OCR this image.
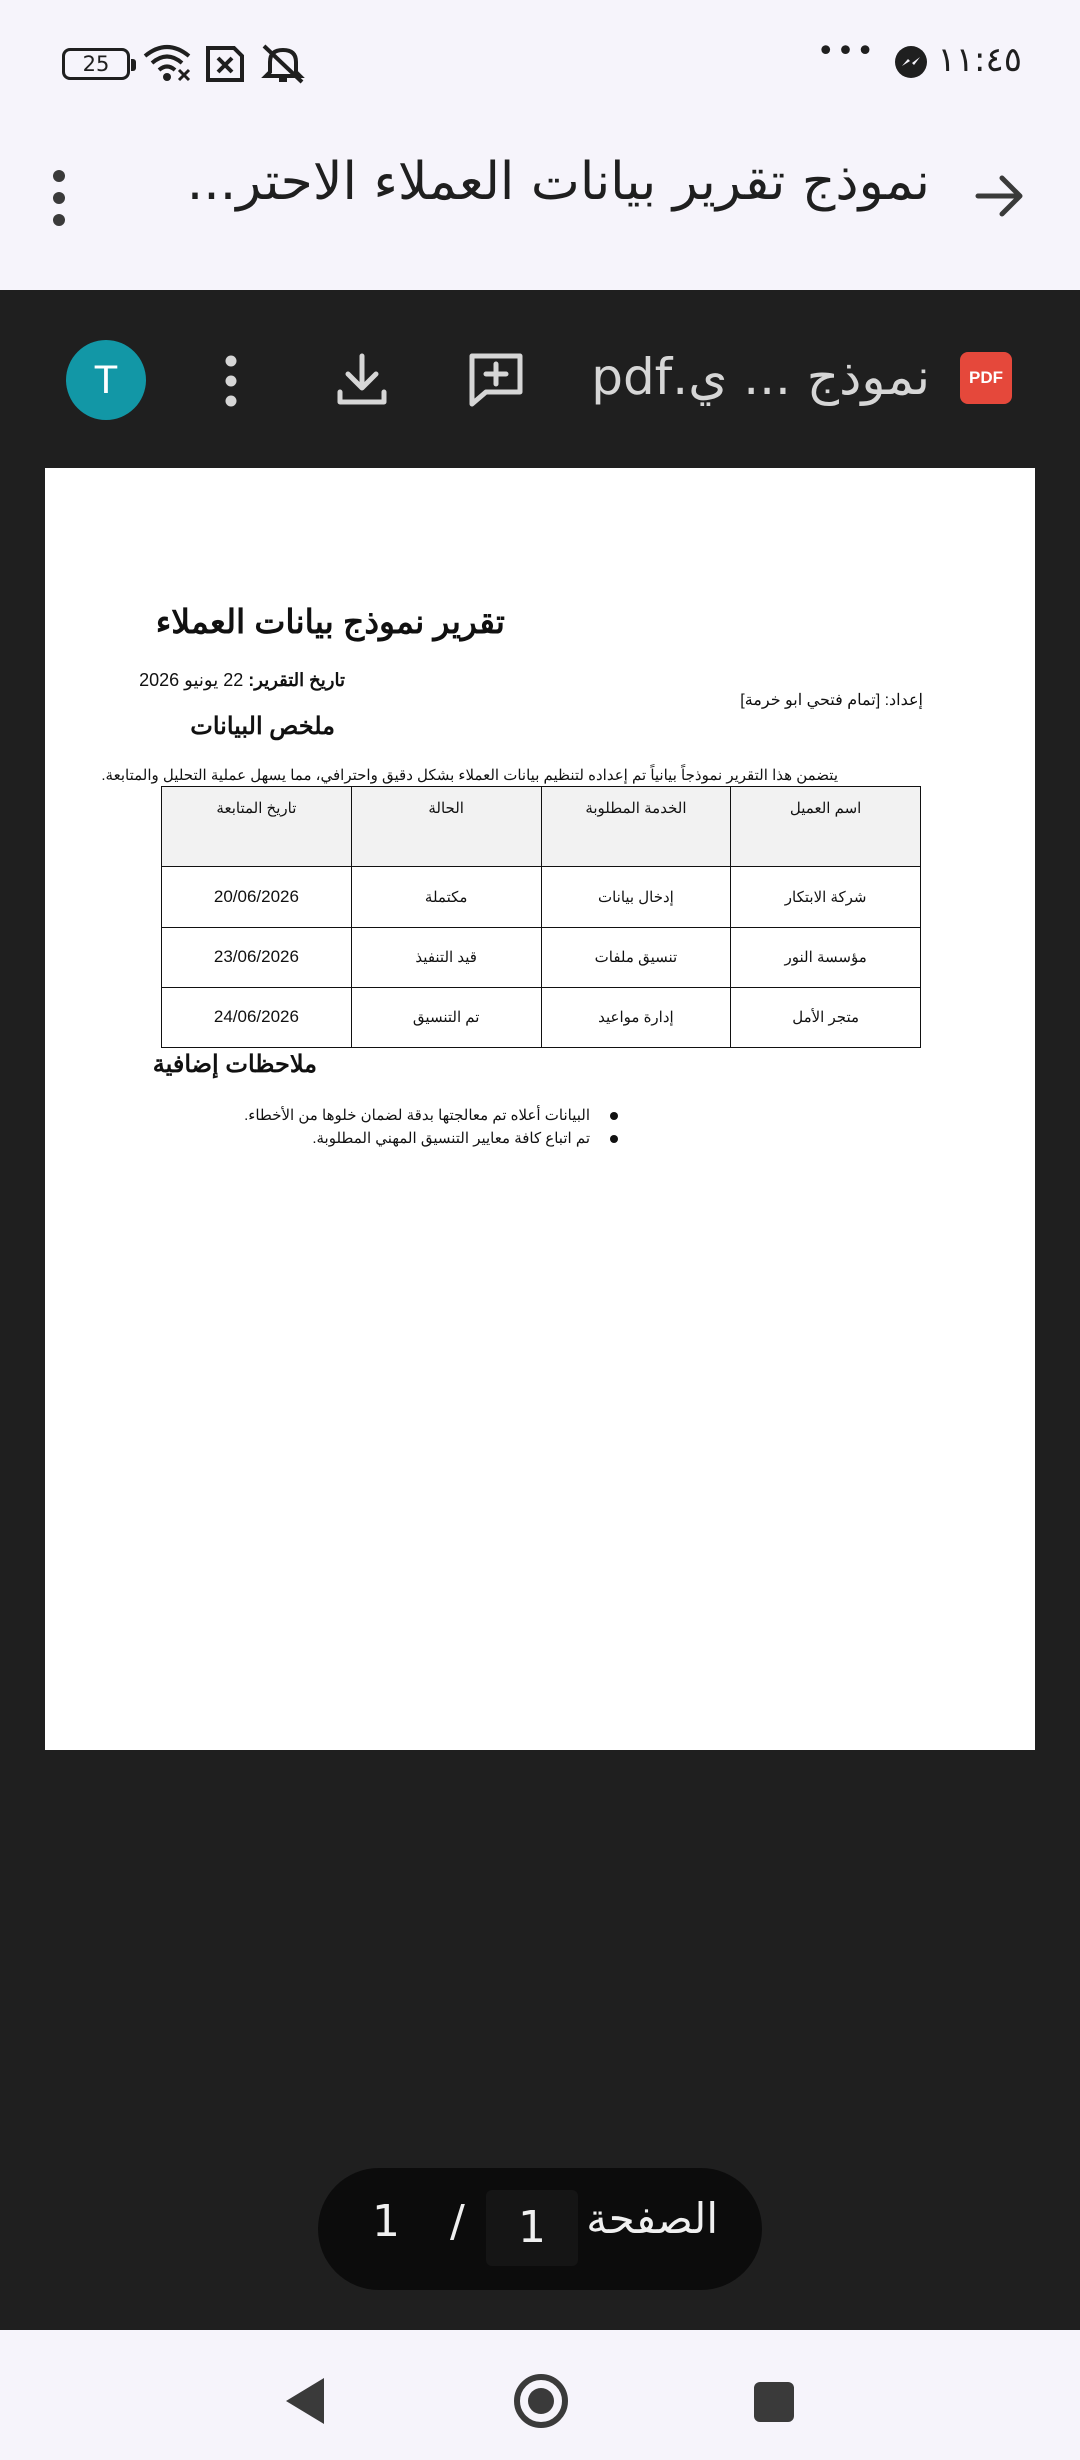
١١:٤٥
•••
25
نموذج تقرير بيانات العملاء الاحتر...
PDF
نموذج ... ي.pdf
T
تقرير نموذج بيانات العملاء
تاريخ التقرير: 22 يونيو 2026
إعداد: [تمام فتحي ابو خرمة]
ملخص البيانات
يتضمن هذا التقرير نموذجاً بيانياً تم إعداده لتنظيم بيانات العملاء بشكل دقيق واحترافي، مما يسهل عملية التحليل والمتابعة.
اسم العميل	الخدمة المطلوبة	الحالة	تاريخ المتابعة
شركة الابتكار	إدخال بيانات	مكتملة	20/06/2026
مؤسسة النور	تنسيق ملفات	قيد التنفيذ	23/06/2026
متجر الأمل	إدارة مواعيد	تم التنسيق	24/06/2026
ملاحظات إضافية
البيانات أعلاه تم معالجتها بدقة لضمان خلوها من الأخطاء.
تم اتباع كافة معايير التنسيق المهني المطلوبة.
1 /	1 الصفحة
